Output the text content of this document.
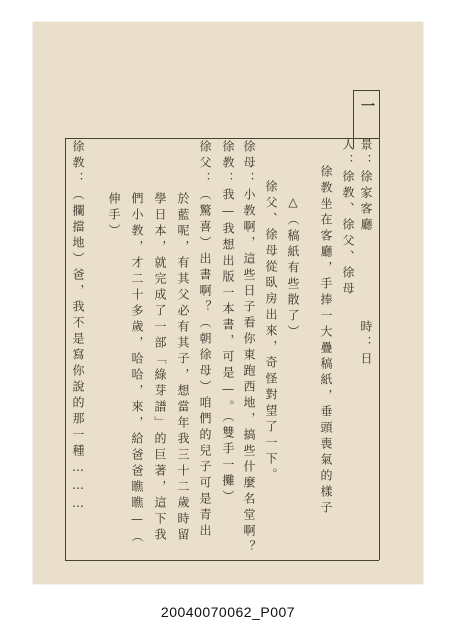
一
景：徐家客廳
人：徐教、徐父、徐母
時：日
徐教坐在客廳，手捧一大疊稿紙，垂頭喪氣的樣子
△（稿紙有些散了）
徐父、徐母從臥房出來，奇怪對望了一下。
徐母：小教啊，這些日子看你東跑西地，搞些什麼名堂啊？
徐教：我—我想出版一本書，可是—。（雙手一攤）
徐父：（驚喜）出書啊？（朝徐母）咱們的兒子可是青出
於藍呢，有其父必有其子，想當年我三十二歲時留
學日本，就完成了一部「綠芽譜」的巨著，這下我
們小教，才二十多歲，哈哈，來，給爸爸瞧瞧—（
伸手）
徐教：（攔擋地）爸，我不是寫你說的那一種………
20040070062_P007
